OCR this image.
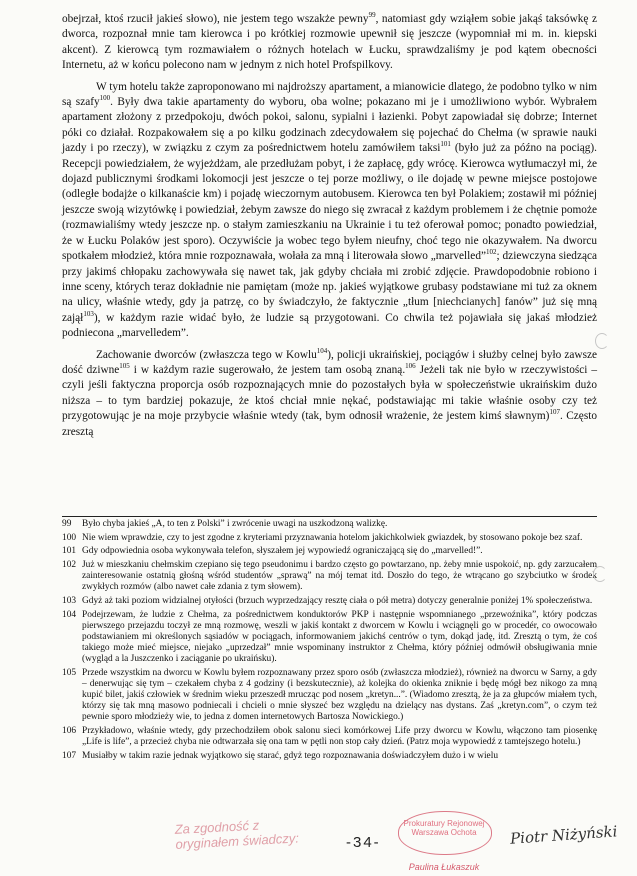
obejrzał, ktoś rzucił jakieś słowo), nie jestem tego wszakże pewny$^{99}$, natomiast gdy wziąłem sobie jakąś taksówkę z dworca, rozpoznał mnie tam kierowca i po krótkiej rozmowie upewnił się jeszcze (wypomniał mi m. in. kiepski akcent). Z kierowcą tym rozmawiałem o różnych hotelach w Łucku, sprawdzaliśmy je pod kątem obecności Internetu, aż w końcu polecono nam w jednym z nich hotel Profspilkovy.

W tym hotelu także zaproponowano mi najdroższy apartament, a mianowicie dlatego, że podobno tylko w nim są szafy$^{100}$. Były dwa takie apartamenty do wyboru, oba wolne; pokazano mi je i umożliwiono wybór. Wybrałem apartament złożony z przedpokoju, dwóch pokoi, salonu, sypialni i łazienki. Pobyt zapowiadał się dobrze; Internet póki co działał. Rozpakowałem się a po kilku godzinach zdecydowałem się pojechać do Chełma (w sprawie nauki jazdy i po rzeczy), w związku z czym za pośrednictwem hotelu zamówiłem taksi$^{101}$ (było już za późno na pociąg). Recepcji powiedziałem, że wyjeżdżam, ale przedłużam pobyt, i że zapłacę, gdy wrócę. Kierowca wytłumaczył mi, że dojazd publicznymi środkami lokomocji jest jeszcze o tej porze możliwy, o ile dojadę w pewne miejsce postojowe (odległe bodajże o kilkanaście km) i pojadę wieczornym autobusem. Kierowca ten był Polakiem; zostawił mi później jeszcze swoją wizytówkę i powiedział, żebym zawsze do niego się zwracał z każdym problemem i że chętnie pomoże (rozmawialiśmy wtedy jeszcze np. o stałym zamieszkaniu na Ukrainie i tu też oferował pomoc; ponadto powiedział, że w Łucku Polaków jest sporo). Oczywiście ja wobec tego byłem nieufny, choć tego nie okazywałem. Na dworcu spotkałem młodzież, która mnie rozpoznawała, wołała za mną i literowała słowo „marvelled”$^{102}$; dziewczyna siedząca przy jakimś chłopaku zachowywała się nawet tak, jak gdyby chciała mi zrobić zdjęcie. Prawdopodobnie robiono i inne sceny, których teraz dokładnie nie pamiętam (może np. jakieś wyjątkowe grubasy podstawiane mi tuż za oknem na ulicy, właśnie wtedy, gdy ja patrzę, co by świadczyło, że faktycznie „tłum [niechcianych] fanów” już się mną zajął$^{103}$), w każdym razie widać było, że ludzie są przygotowani. Co chwila też pojawiała się jakaś młodzież podniecona „marvelledem”.

Zachowanie dworców (zwłaszcza tego w Kowlu$^{104}$), policji ukraińskiej, pociągów i służby celnej było zawsze dość dziwne$^{105}$ i w każdym razie sugerowało, że jestem tam osobą znaną.$^{106}$ Jeżeli tak nie było w rzeczywistości – czyli jeśli faktyczna proporcja osób rozpoznających mnie do pozostałych była w społeczeństwie ukraińskim dużo niższa – to tym bardziej pokazuje, że ktoś chciał mnie nękać, podstawiając mi takie właśnie osoby czy też przygotowując je na moje przybycie właśnie wtedy (tak, bym odnosił wrażenie, że jestem kimś sławnym)$^{107}$. Często zresztą

99	Było chyba jakieś „A, to ten z Polski” i zwrócenie uwagi na uszkodzoną walizkę.
100 Nie wiem wprawdzie, czy to jest zgodne z kryteriami przyznawania hotelom jakichkolwiek gwiazdek, by stosowano pokoje bez szaf.
101 Gdy odpowiednia osoba wykonywała telefon, słyszałem jej wypowiedź ograniczającą się do „marvelled!”.
102 Już w mieszkaniu chełmskim czepiano się tego pseudonimu i bardzo często go powtarzano, np. żeby mnie uspokoić, np. gdy zarzucałem zainteresowanie ostatnią głośną wśród studentów „sprawą” na mój temat itd. Doszło do tego, że wtrącano go szybciutko w środek zwykłych rozmów (albo nawet całe zdania z tym słowem).
103 Gdyż aż taki poziom widzialnej otyłości (brzuch wyprzedzający resztę ciała o pół metra) dotyczy generalnie poniżej 1% społeczeństwa.
104 Podejrzewam, że ludzie z Chełma, za pośrednictwem konduktorów PKP i następnie wspomnianego „przewoźnika”, który podczas pierwszego przejazdu toczył ze mną rozmowę, weszli w jakiś kontakt z dworcem w Kowlu i wciągnęli go w procedér, co owocowało podstawianiem mi określonych sąsiadów w pociągach, informowaniem jakichś centrów o tym, dokąd jadę, itd. Zresztą o tym, że coś takiego może mieć miejsce, niejako „uprzedzał” mnie wspominany instruktor z Chełma, który później odmówił obsługiwania mnie (wygląd a la Juszczenko i zaciąganie po ukraińsku).
105 Przede wszystkim na dworcu w Kowlu byłem rozpoznawany przez sporo osób (zwłaszcza młodzież), również na dworcu w Sarny, a gdy – denerwując się tym – czekałem chyba z 4 godziny (i bezskutecznie), aż kolejka do okienka zniknie i będę mógł bez nikogo za mną kupić bilet, jakiś człowiek w średnim wieku przeszedł mrucząc pod nosem „kretyn...”. (Wiadomo zresztą, że ja za głupców miałem tych, którzy się tak mną masowo podniecali i chcieli o mnie słyszeć bez względu na dzielący nas dystans. Zaś „kretyn.com”, o czym też pewnie sporo młodzieży wie, to jedna z domen internetowych Bartosza Nowickiego.)
106 Przykładowo, właśnie wtedy, gdy przechodziłem obok salonu sieci komórkowej Life przy dworcu w Kowlu, włączono tam piosenkę „Life is life”, a przecież chyba nie odtwarzała się ona tam w pętli non stop cały dzień. (Patrz moja wypowiedź z tamtejszego hotelu.)
107 Musiałby w takim razie jednak wyjątkowo się starać, gdyż tego rozpoznawania doświadczyłem dużo i w wielu
Za zgodność z oryginałem świadczy:	-34-
Prokuratury Rejonowej Warszawa Ochota
Paulina Łukaszuk
Piotr Niżyński
